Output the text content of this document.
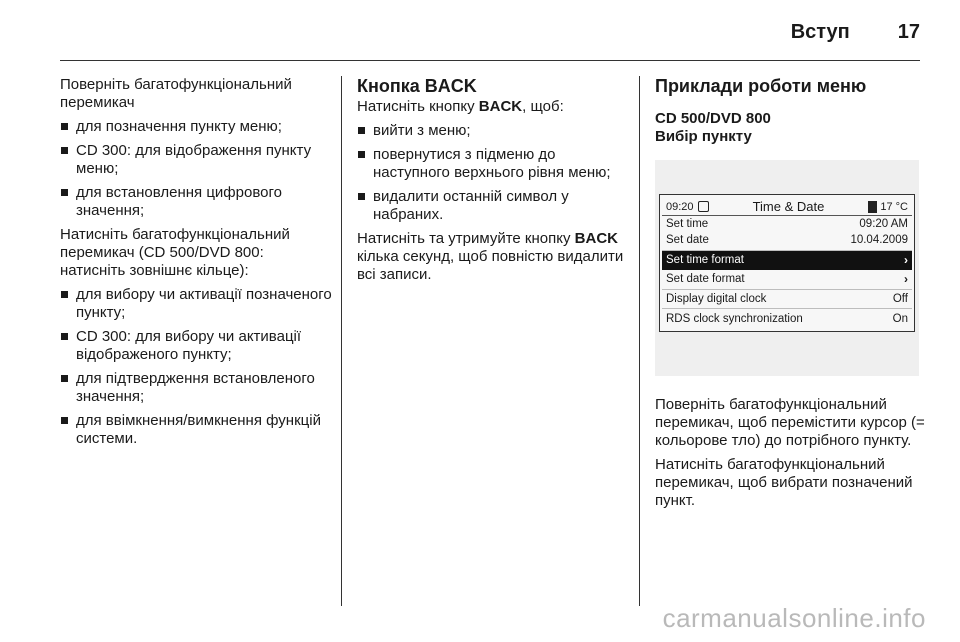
Вступ 17

Поверніть багатофункціональний перемикач

для позначення пункту меню;
CD 300: для відображення пункту меню;
для встановлення цифрового значення;

Натисніть багатофункціональний перемикач (CD 500/DVD 800: натисніть зовнішнє кільце):

для вибору чи активації позначеного пункту;
CD 300: для вибору чи активації відображеного пункту;
для підтвердження встановленого значення;
для ввімкнення/вимкнення функцій системи.
Кнопка BACK

Натисніть кнопку BACK, щоб:

вийти з меню;
повернутися з підменю до наступного верхнього рівня меню;
видалити останній символ у набраних.

Натисніть та утримуйте кнопку BACK кілька секунд, щоб повністю видалити всі записи.

Приклади роботи меню
CD 500/DVD 800
Вибір пункту
09:20	Time & Date	17 °C
Set time	09:20 AM
Set date	10.04.2009
Set time format	›
Set date format	›
Display digital clock	Off
RDS clock synchronization	On

Поверніть багатофункціональний перемикач, щоб перемістити курсор (= кольорове тло) до потрібного пункту.

Натисніть багатофункціональний перемикач, щоб вибрати позначений пункт.

carmanualsonline.info
